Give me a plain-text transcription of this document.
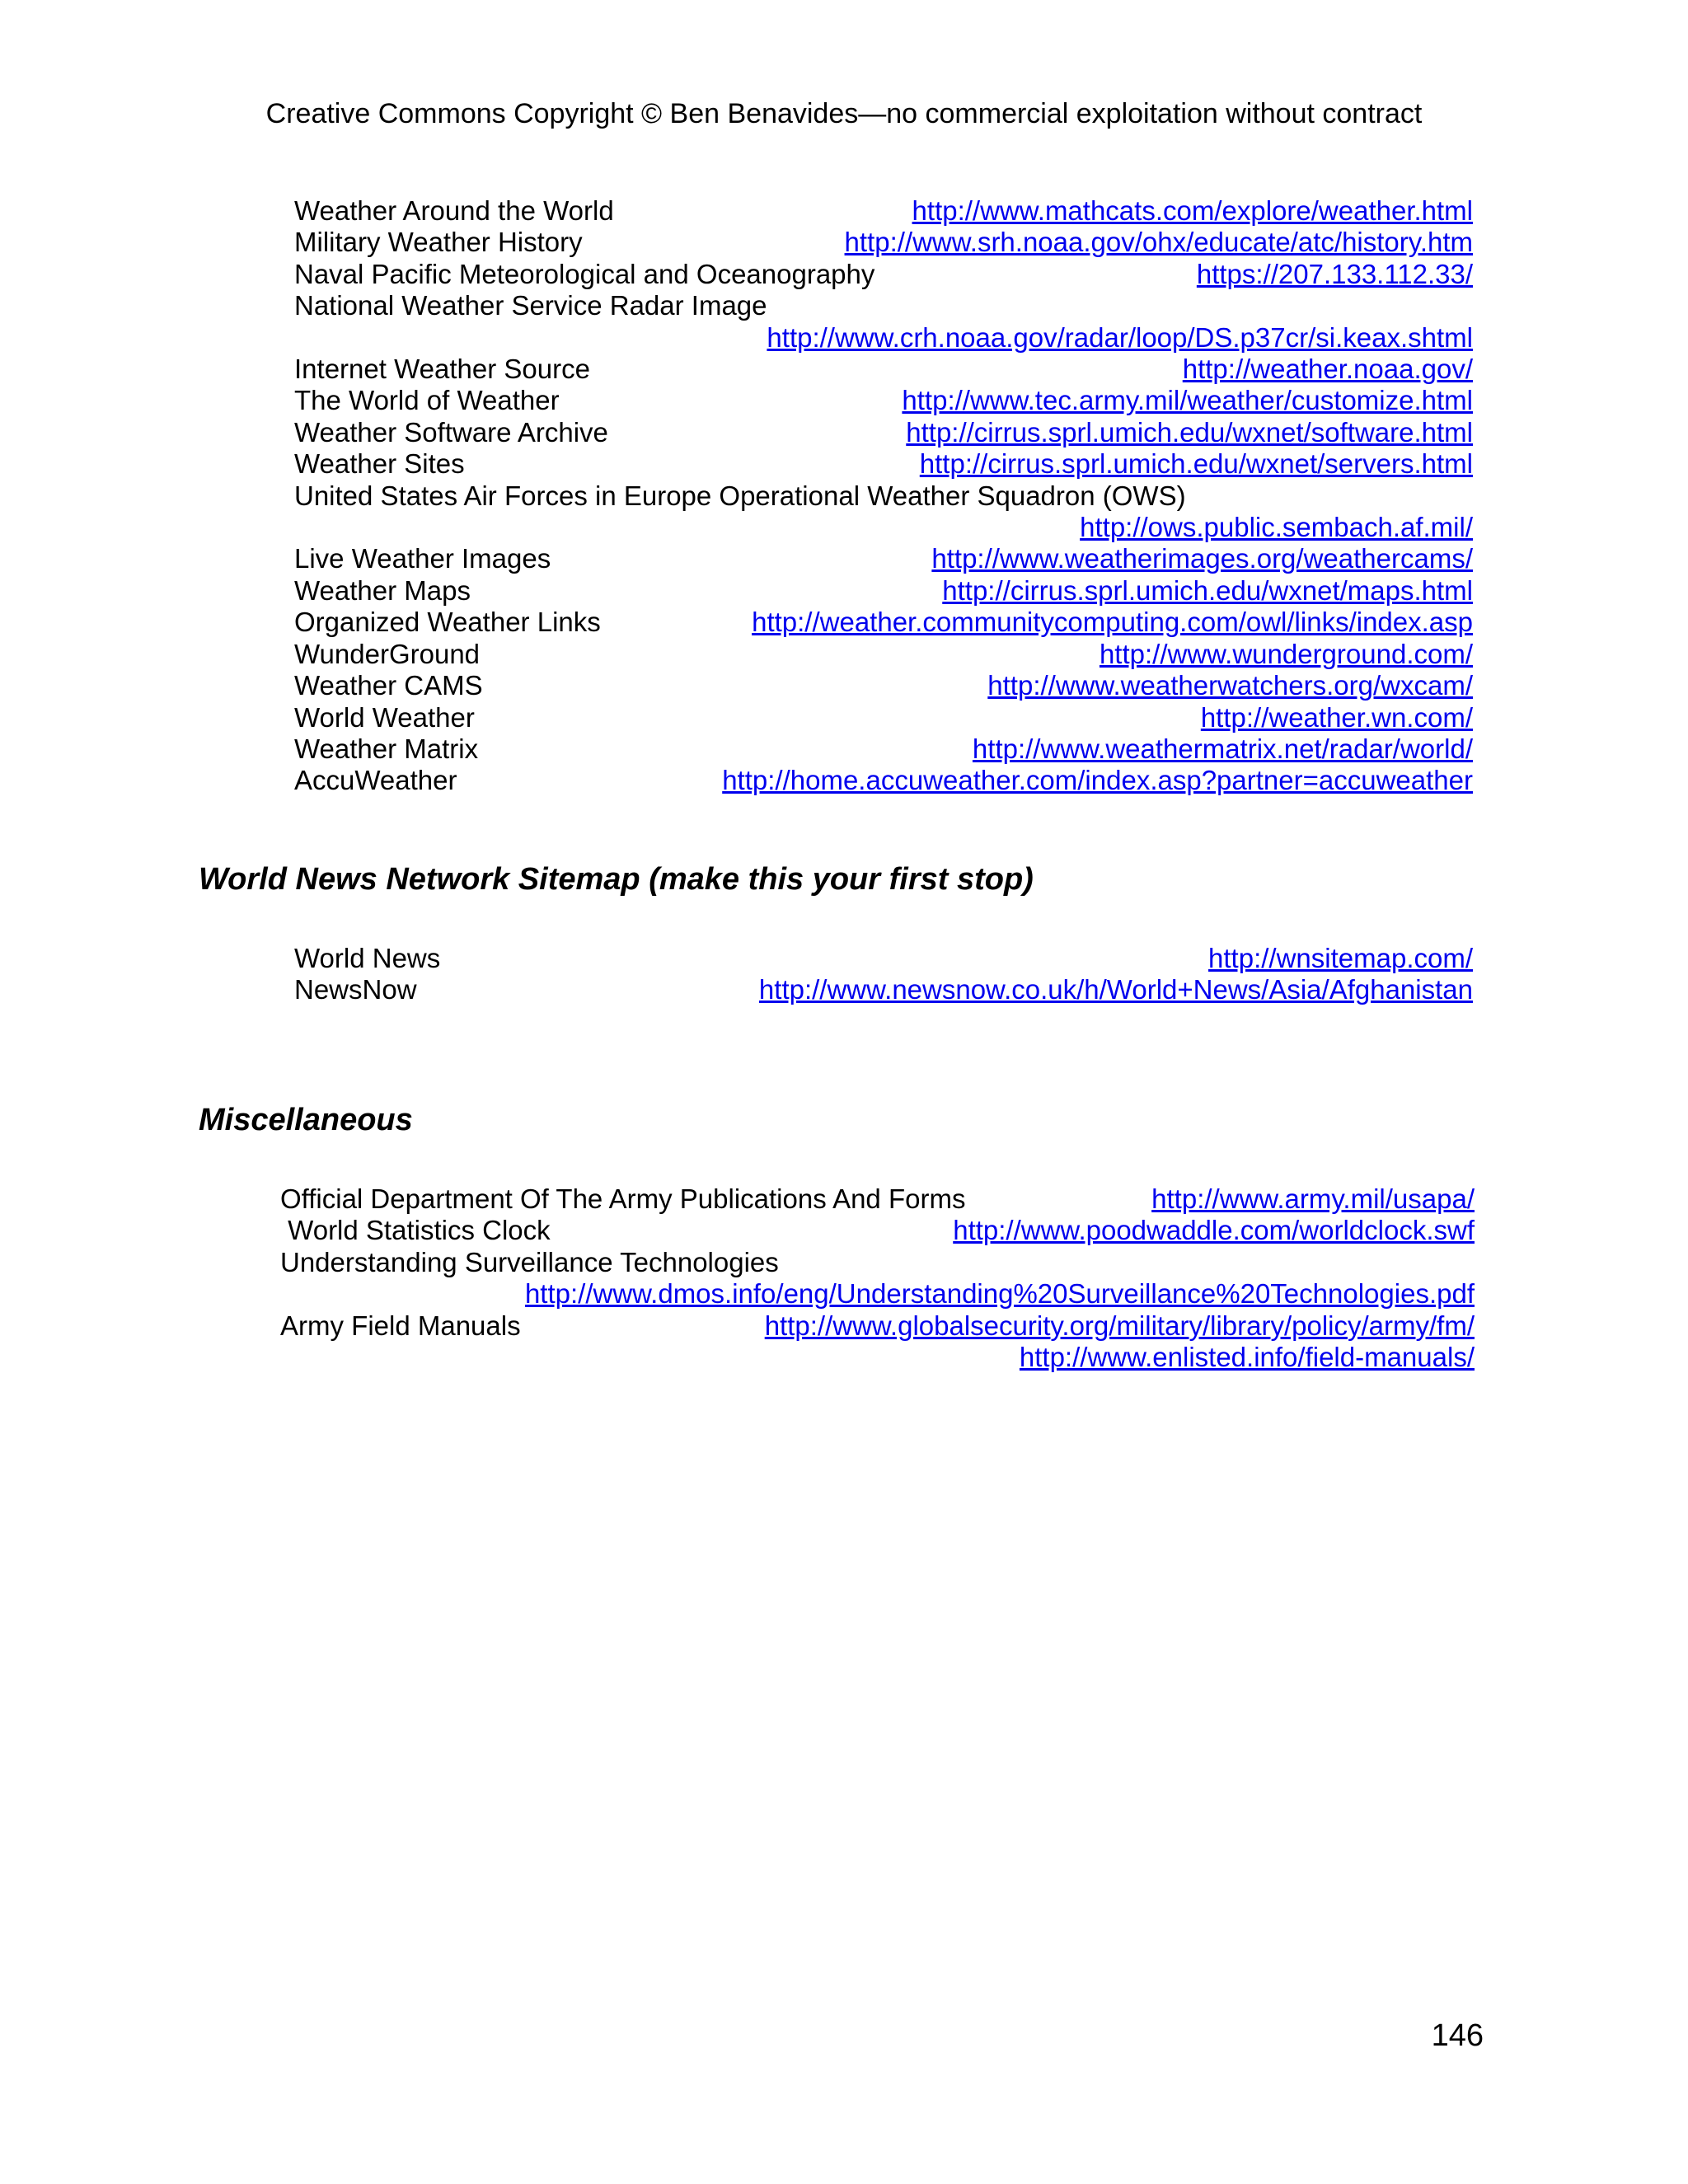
Creative Commons Copyright © Ben Benavides—no commercial exploitation without contract
Weather Around the World	http://www.mathcats.com/explore/weather.html
Military Weather History	http://www.srh.noaa.gov/ohx/educate/atc/history.htm
Naval Pacific Meteorological and Oceanography	https://207.133.112.33/
National Weather Service Radar Image
http://www.crh.noaa.gov/radar/loop/DS.p37cr/si.keax.shtml
Internet Weather Source	http://weather.noaa.gov/
The World of Weather	http://www.tec.army.mil/weather/customize.html
Weather Software Archive	http://cirrus.sprl.umich.edu/wxnet/software.html
Weather Sites	http://cirrus.sprl.umich.edu/wxnet/servers.html
United States Air Forces in Europe Operational Weather Squadron (OWS)
http://ows.public.sembach.af.mil/
Live Weather Images	http://www.weatherimages.org/weathercams/
Weather Maps	http://cirrus.sprl.umich.edu/wxnet/maps.html
Organized Weather Links	http://weather.communitycomputing.com/owl/links/index.asp
WunderGround	http://www.wunderground.com/
Weather CAMS	http://www.weatherwatchers.org/wxcam/
World Weather	http://weather.wn.com/
Weather Matrix	http://www.weathermatrix.net/radar/world/
AccuWeather	http://home.accuweather.com/index.asp?partner=accuweather
World News Network Sitemap (make this your first stop)
World News	http://wnsitemap.com/
NewsNow	http://www.newsnow.co.uk/h/World+News/Asia/Afghanistan
Miscellaneous
Official Department Of The Army Publications And Forms	http://www.army.mil/usapa/
World Statistics Clock	http://www.poodwaddle.com/worldclock.swf
Understanding Surveillance Technologies
http://www.dmos.info/eng/Understanding%20Surveillance%20Technologies.pdf
Army Field Manuals	http://www.globalsecurity.org/military/library/policy/army/fm/
http://www.enlisted.info/field-manuals/
146
